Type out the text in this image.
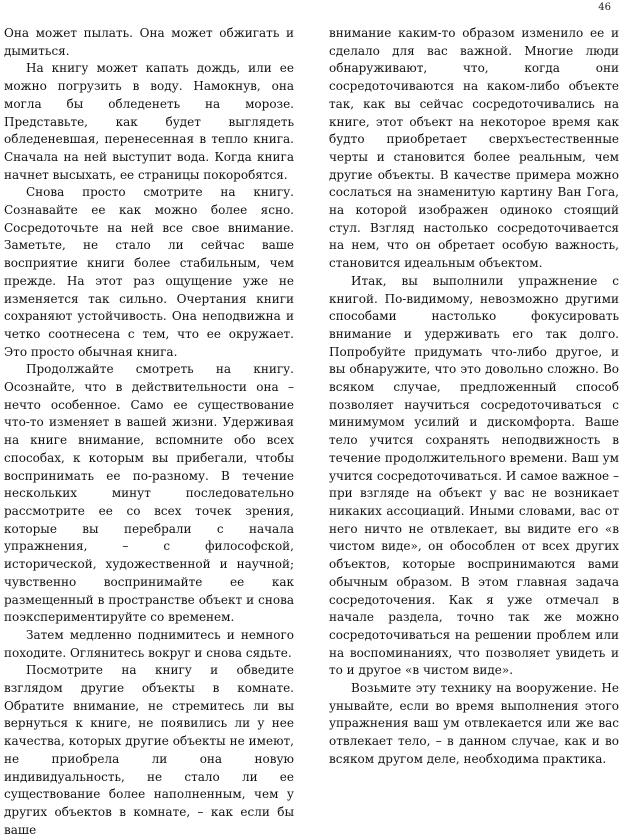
46

Она может пылать. Она может обжигать и дымиться.

На книгу может капать дождь, или ее можно погрузить в воду. Намокнув, она могла бы обледенеть на морозе. Представьте, как будет выглядеть обледеневшая, перенесенная в тепло книга. Сначала на ней выступит вода. Когда книга начнет высыхать, ее страницы покоробятся.

Снова просто смотрите на книгу. Сознавайте ее как можно более ясно. Сосредоточьте на ней все свое внимание. Заметьте, не стало ли сейчас ваше восприятие книги более стабильным, чем прежде. На этот раз ощущение уже не изменяется так сильно. Очертания книги сохраняют устойчивость. Она неподвижна и четко соотнесена с тем, что ее окружает. Это просто обычная книга.

Продолжайте смотреть на книгу. Осознайте, что в действительности она – нечто особенное. Само ее существование что-то изменяет в вашей жизни. Удерживая на книге внимание, вспомните обо всех способах, к которым вы прибегали, чтобы воспринимать ее по-разному. В течение нескольких минут последовательно рассмотрите ее со всех точек зрения, которые вы перебрали с начала упражнения, – с философской, исторической, художественной и научной; чувственно воспринимайте ее как размещенный в пространстве объект и снова поэкспериментируйте со временем.

Затем медленно поднимитесь и немного походите. Оглянитесь вокруг и снова сядьте.

Посмотрите на книгу и обведите взглядом другие объекты в комнате. Обратите внимание, не стремитесь ли вы вернуться к книге, не появились ли у нее качества, которых другие объекты не имеют, не приобрела ли она новую индивидуальность, не стало ли ее существование более наполненным, чем у других объектов в комнате, – как если бы ваше

внимание каким-то образом изменило ее и сделало для вас важной. Многие люди обнаруживают, что, когда они сосредоточиваются на каком-либо объекте так, как вы сейчас сосредоточивались на книге, этот объект на некоторое время как будто приобретает сверхъестественные черты и становится более реальным, чем другие объекты. В качестве примера можно сослаться на знаменитую картину Ван Гога, на которой изображен одиноко стоящий стул. Взгляд настолько сосредоточивается на нем, что он обретает особую важность, становится идеальным объектом.

Итак, вы выполнили упражнение с книгой. По-видимому, невозможно другими способами настолько фокусировать внимание и удерживать его так долго. Попробуйте придумать что-либо другое, и вы обнаружите, что это довольно сложно. Во всяком случае, предложенный способ позволяет научиться сосредоточиваться с минимумом усилий и дискомфорта. Ваше тело учится сохранять неподвижность в течение продолжительного времени. Ваш ум учится сосредоточиваться. И самое важное – при взгляде на объект у вас не возникает никаких ассоциаций. Иными словами, вас от него ничто не отвлекает, вы видите его «в чистом виде», он обособлен от всех других объектов, которые воспринимаются вами обычным образом. В этом главная задача сосредоточения. Как я уже отмечал в начале раздела, точно так же можно сосредоточиваться на решении проблем или на воспоминаниях, что позволяет увидеть и то и другое «в чистом виде».

Возьмите эту технику на вооружение. Не унывайте, если во время выполнения этого упражнения ваш ум отвлекается или же вас отвлекает тело, – в данном случае, как и во всяком другом деле, необходима практика.
